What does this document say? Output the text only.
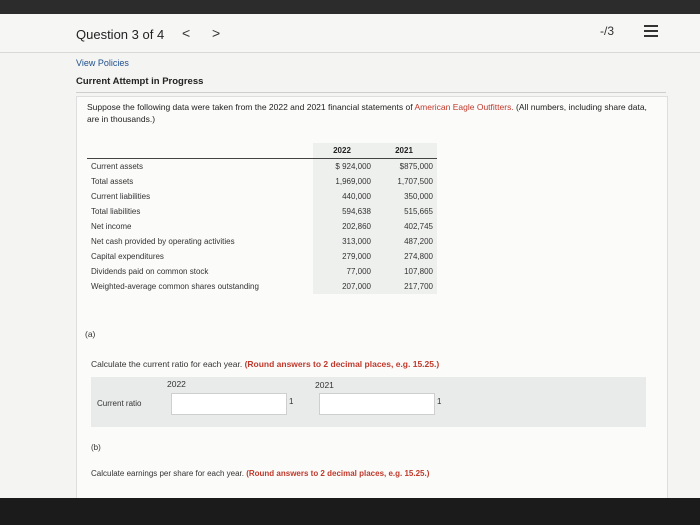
Question 3 of 4 < >	-/3
View Policies
Current Attempt in Progress
Suppose the following data were taken from the 2022 and 2021 financial statements of American Eagle Outfitters. (All numbers, including share data, are in thousands.)
	2022	2021
Current assets	$ 924,000	$875,000
Total assets	1,969,000	1,707,500
Current liabilities	440,000	350,000
Total liabilities	594,638	515,665
Net income	202,860	402,745
Net cash provided by operating activities	313,000	487,200
Capital expenditures	279,000	274,800
Dividends paid on common stock	77,000	107,800
Weighted-average common shares outstanding	207,000	217,700
(a)
Calculate the current ratio for each year. (Round answers to 2 decimal places, e.g. 15.25.)
2022	2021
Current ratio	1	1
(b)
Calculate earnings per share for each year. (Round answers to 2 decimal places, e.g. 15.25.)
